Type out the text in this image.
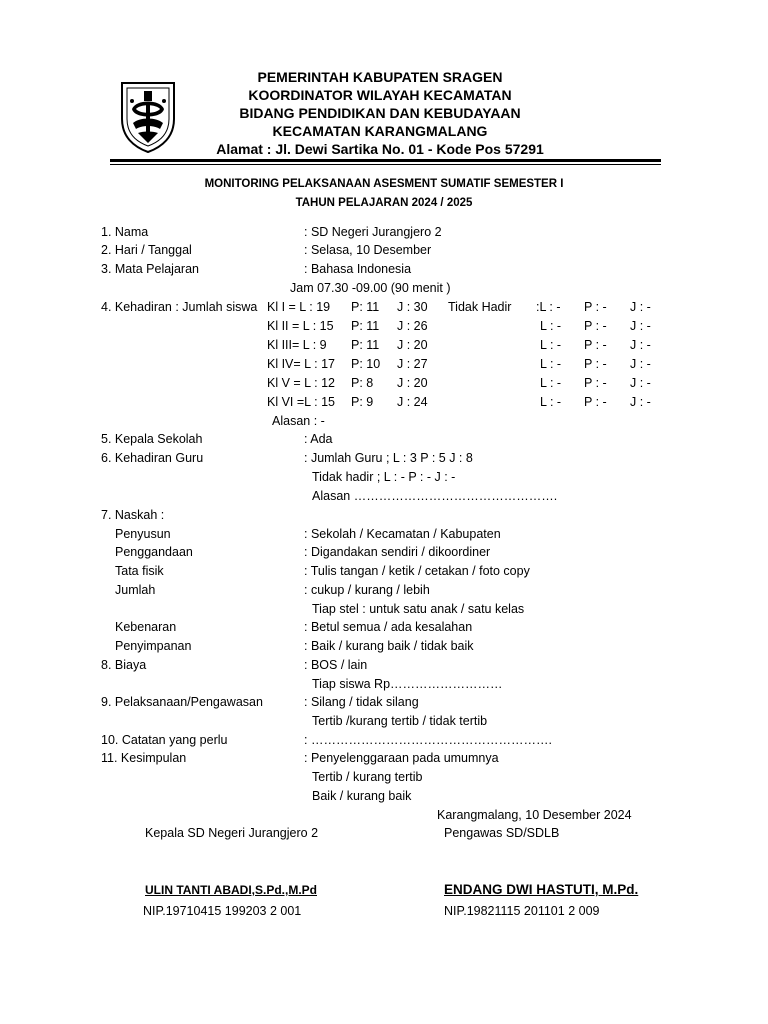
PEMERINTAH KABUPATEN SRAGEN
KOORDINATOR WILAYAH KECAMATAN
BIDANG PENDIDIKAN DAN KEBUDAYAAN
KECAMATAN KARANGMALANG
Alamat : Jl. Dewi Sartika No. 01 - Kode Pos 57291
MONITORING PELAKSANAAN ASESMENT SUMATIF SEMESTER I
TAHUN PELAJARAN 2024 / 2025
1. Nama	: SD Negeri Jurangjero 2
2. Hari / Tanggal	: Selasa, 10 Desember
3. Mata Pelajaran	: Bahasa Indonesia
Jam 07.30 -09.00 (90 menit )
4. Kehadiran : Jumlah siswa	Tidak Hadir
Kl I = L : 19 P: 11 J : 30	:L : - P : - J : -
Kl II = L : 15 P: 11 J : 26	L : - P : - J : -
Kl III= L : 9 P: 11 J : 20	L : - P : - J : -
Kl IV= L : 17 P: 10 J : 27	L : - P : - J : -
Kl V = L : 12 P: 8 J : 20	L : - P : - J : -
Kl VI =L : 15 P: 9 J : 24	L : - P : - J : -
Alasan : -
5. Kepala Sekolah	: Ada
6. Kehadiran Guru	: Jumlah Guru ; L : 3 P : 5 J : 8
Tidak hadir ; L : - P : - J : -
Alasan ………………………………………….
7. Naskah :
Penyusun	: Sekolah / Kecamatan / Kabupaten
Penggandaan	: Digandakan sendiri / dikoordiner
Tata fisik	: Tulis tangan / ketik / cetakan / foto copy
Jumlah	: cukup / kurang / lebih
Tiap stel : untuk satu anak / satu kelas
Kebenaran	: Betul semua / ada kesalahan
Penyimpanan	: Baik / kurang baik / tidak baik
8. Biaya	: BOS / lain
Tiap siswa Rp………………………
9. Pelaksanaan/Pengawasan	: Silang / tidak silang
Tertib /kurang tertib / tidak tertib
10. Catatan yang perlu	: ………………………………………………….
11. Kesimpulan	: Penyelenggaraan pada umumnya
Tertib / kurang tertib
Baik / kurang baik
Karangmalang, 10 Desember 2024
Kepala SD Negeri Jurangjero 2	Pengawas SD/SDLB
ULIN TANTI ABADI,S.Pd.,M.Pd	ENDANG DWI HASTUTI, M.Pd.
NIP.19710415 199203 2 001	NIP.19821115 201101 2 009
